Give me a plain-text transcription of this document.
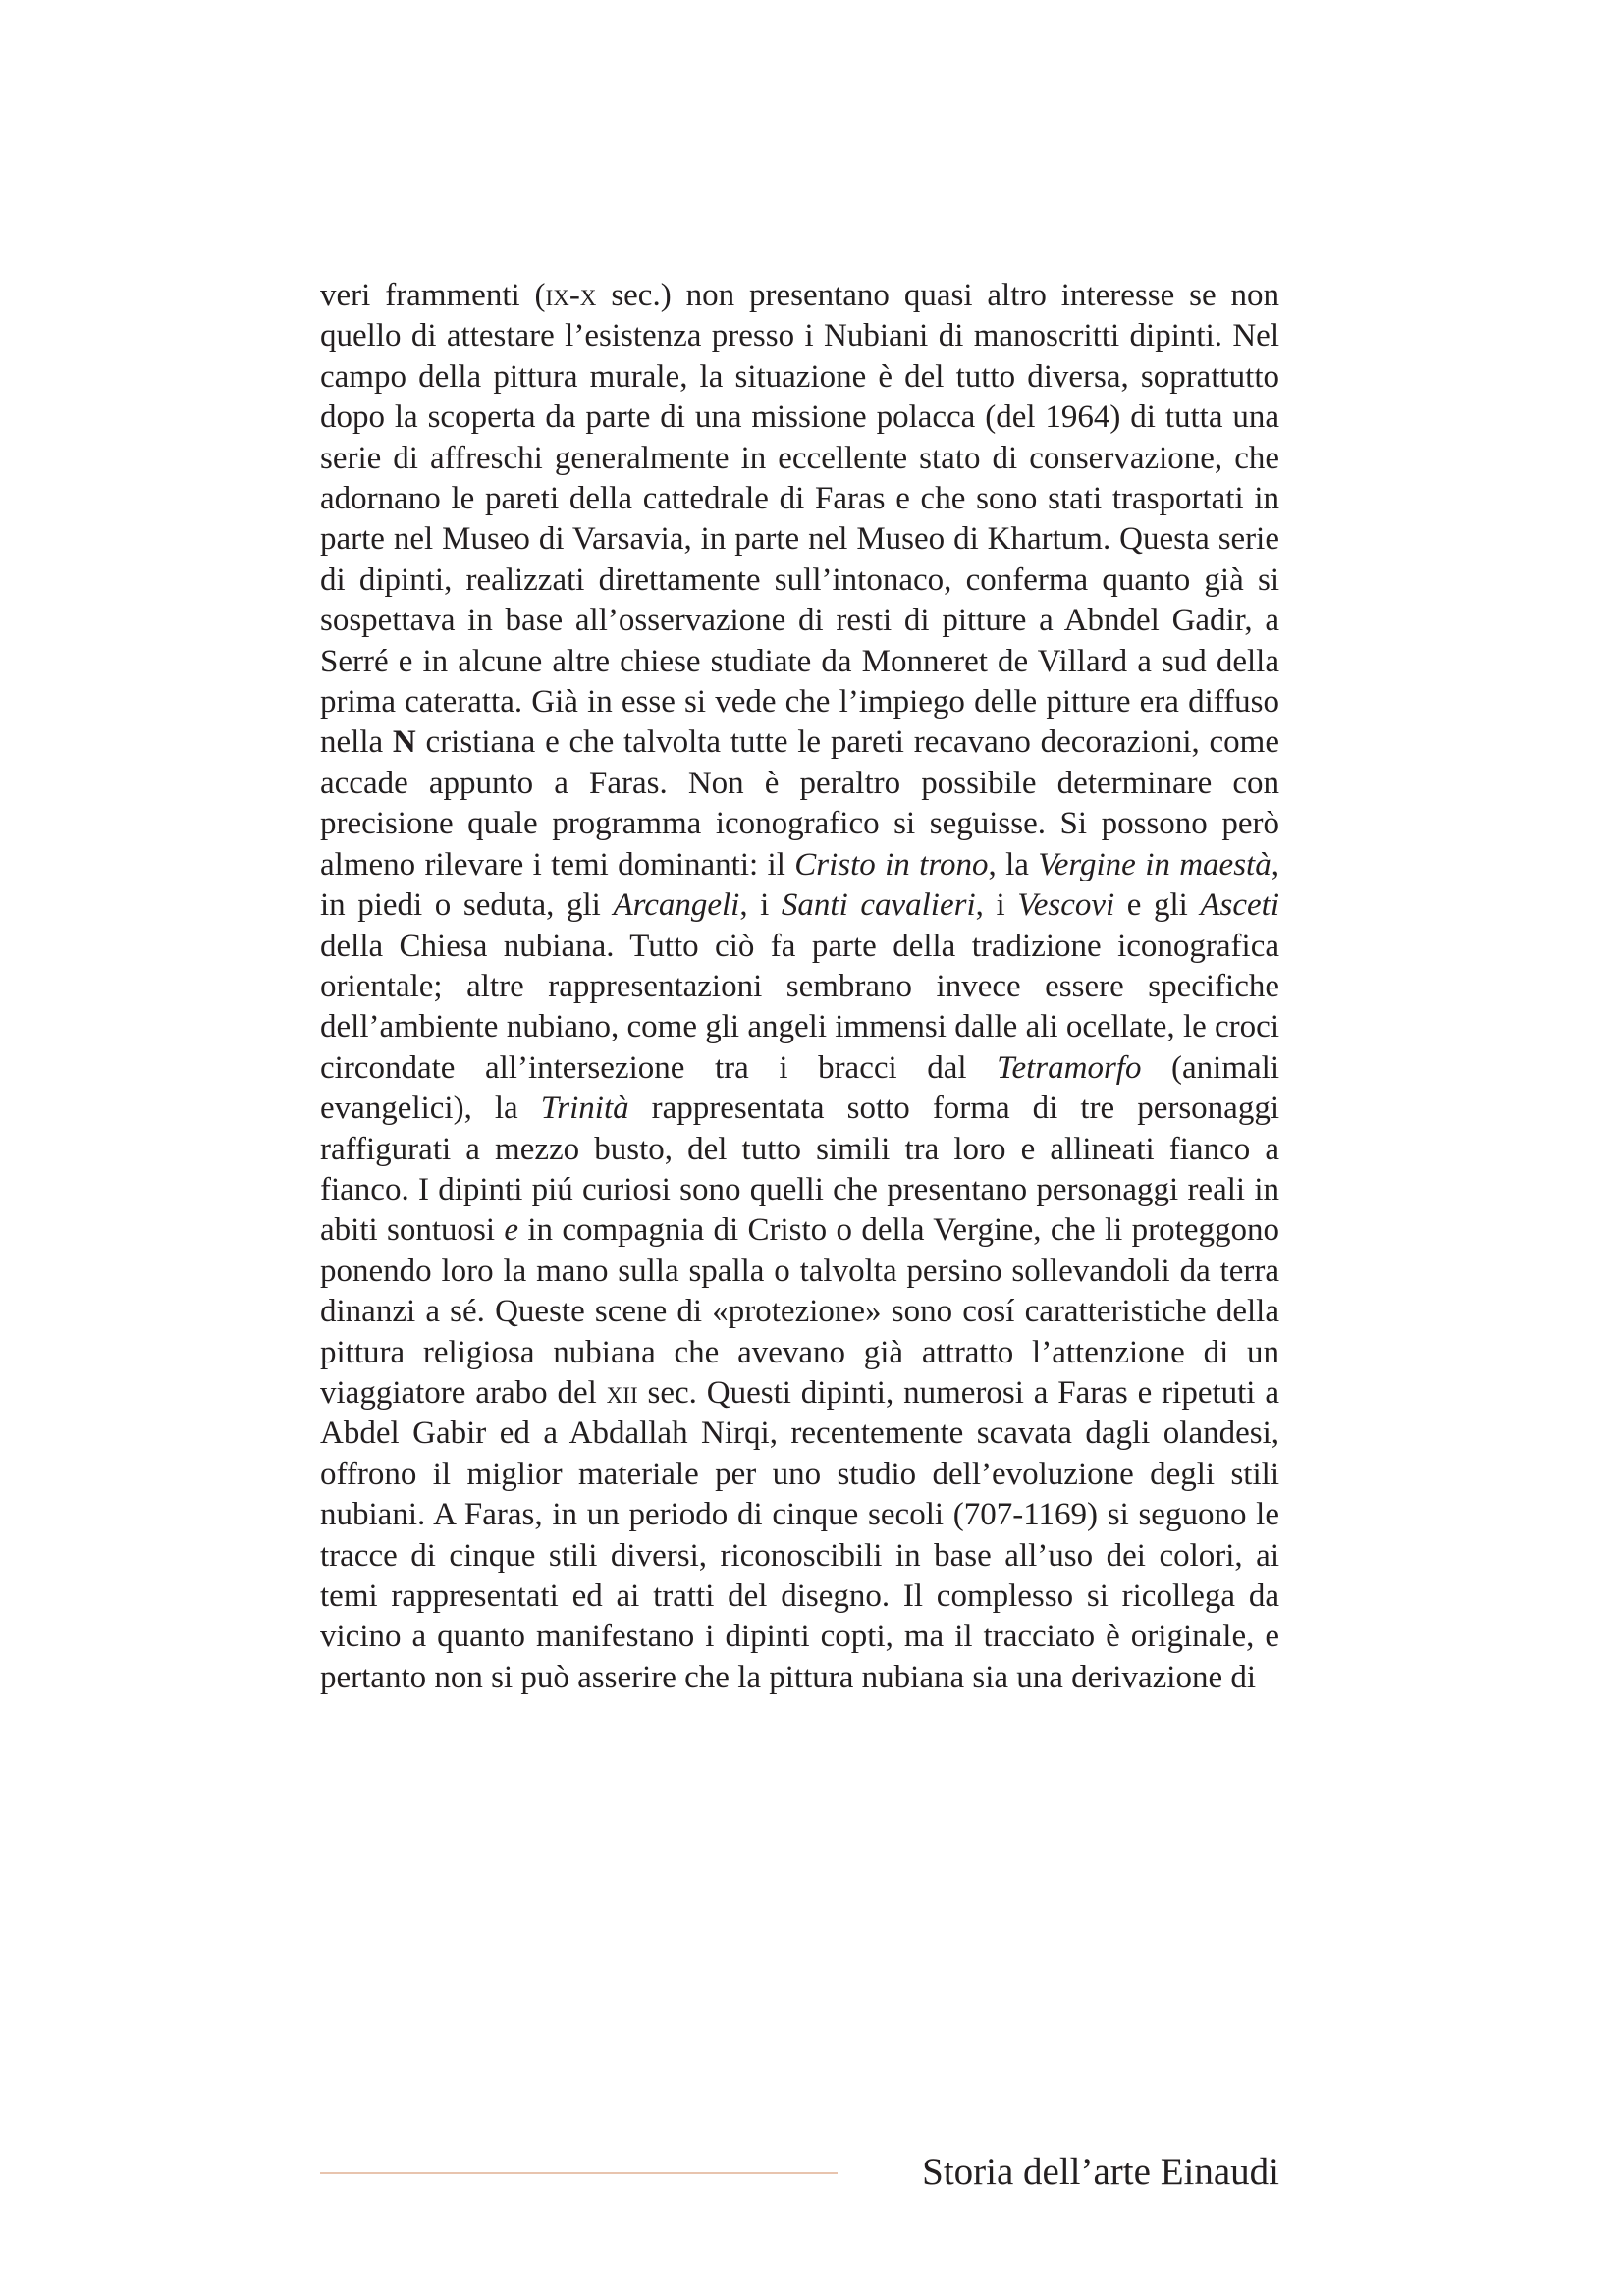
veri frammenti (ix-x sec.) non presentano quasi altro interesse se non quello di attestare l’esistenza presso i Nubiani di manoscritti dipinti. Nel campo della pittura murale, la situazione è del tutto diversa, soprattutto dopo la scoperta da parte di una missione polacca (del 1964) di tutta una serie di affreschi generalmente in eccellente stato di conservazione, che adornano le pareti della cattedrale di Faras e che sono stati trasportati in parte nel Museo di Varsavia, in parte nel Museo di Khartum. Questa serie di dipinti, realizzati direttamente sull’intonaco, conferma quanto già si sospettava in base all’osservazione di resti di pitture a Abndel Gadir, a Serré e in alcune altre chiese studiate da Monneret de Villard a sud della prima cateratta. Già in esse si vede che l’impiego delle pitture era diffuso nella N cristiana e che talvolta tutte le pareti recavano decorazioni, come accade appunto a Faras. Non è peraltro possibile determinare con precisione quale programma iconografico si seguisse. Si possono però almeno rilevare i temi dominanti: il Cristo in trono, la Vergine in maestà, in piedi o seduta, gli Arcangeli, i Santi cavalieri, i Vescovi e gli Asceti della Chiesa nubiana. Tutto ciò fa parte della tradizione iconografica orientale; altre rappresentazioni sembrano invece essere specifiche dell’ambiente nubiano, come gli angeli immensi dalle ali ocellate, le croci circondate all’intersezione tra i bracci dal Tetramorfo (animali evangelici), la Trinità rappresentata sotto forma di tre personaggi raffigurati a mezzo busto, del tutto simili tra loro e allineati fianco a fianco. I dipinti piú curiosi sono quelli che presentano personaggi reali in abiti sontuosi e in compagnia di Cristo o della Vergine, che li proteggono ponendo loro la mano sulla spalla o talvolta persino sollevandoli da terra dinanzi a sé. Queste scene di «protezione» sono cosí caratteristiche della pittura religiosa nubiana che avevano già attratto l’attenzione di un viaggiatore arabo del xii sec. Questi dipinti, numerosi a Faras e ripetuti a Abdel Gabir ed a Abdallah Nirqi, recentemente scavata dagli olandesi, offrono il miglior materiale per uno studio dell’evoluzione degli stili nubiani. A Faras, in un periodo di cinque secoli (707-1169) si seguono le tracce di cinque stili diversi, riconoscibili in base all’uso dei colori, ai temi rappresentati ed ai tratti del disegno. Il complesso si ricollega da vicino a quanto manifestano i dipinti copti, ma il tracciato è originale, e pertanto non si può asserire che la pittura nubiana sia una derivazione di

Storia dell’arte Einaudi
